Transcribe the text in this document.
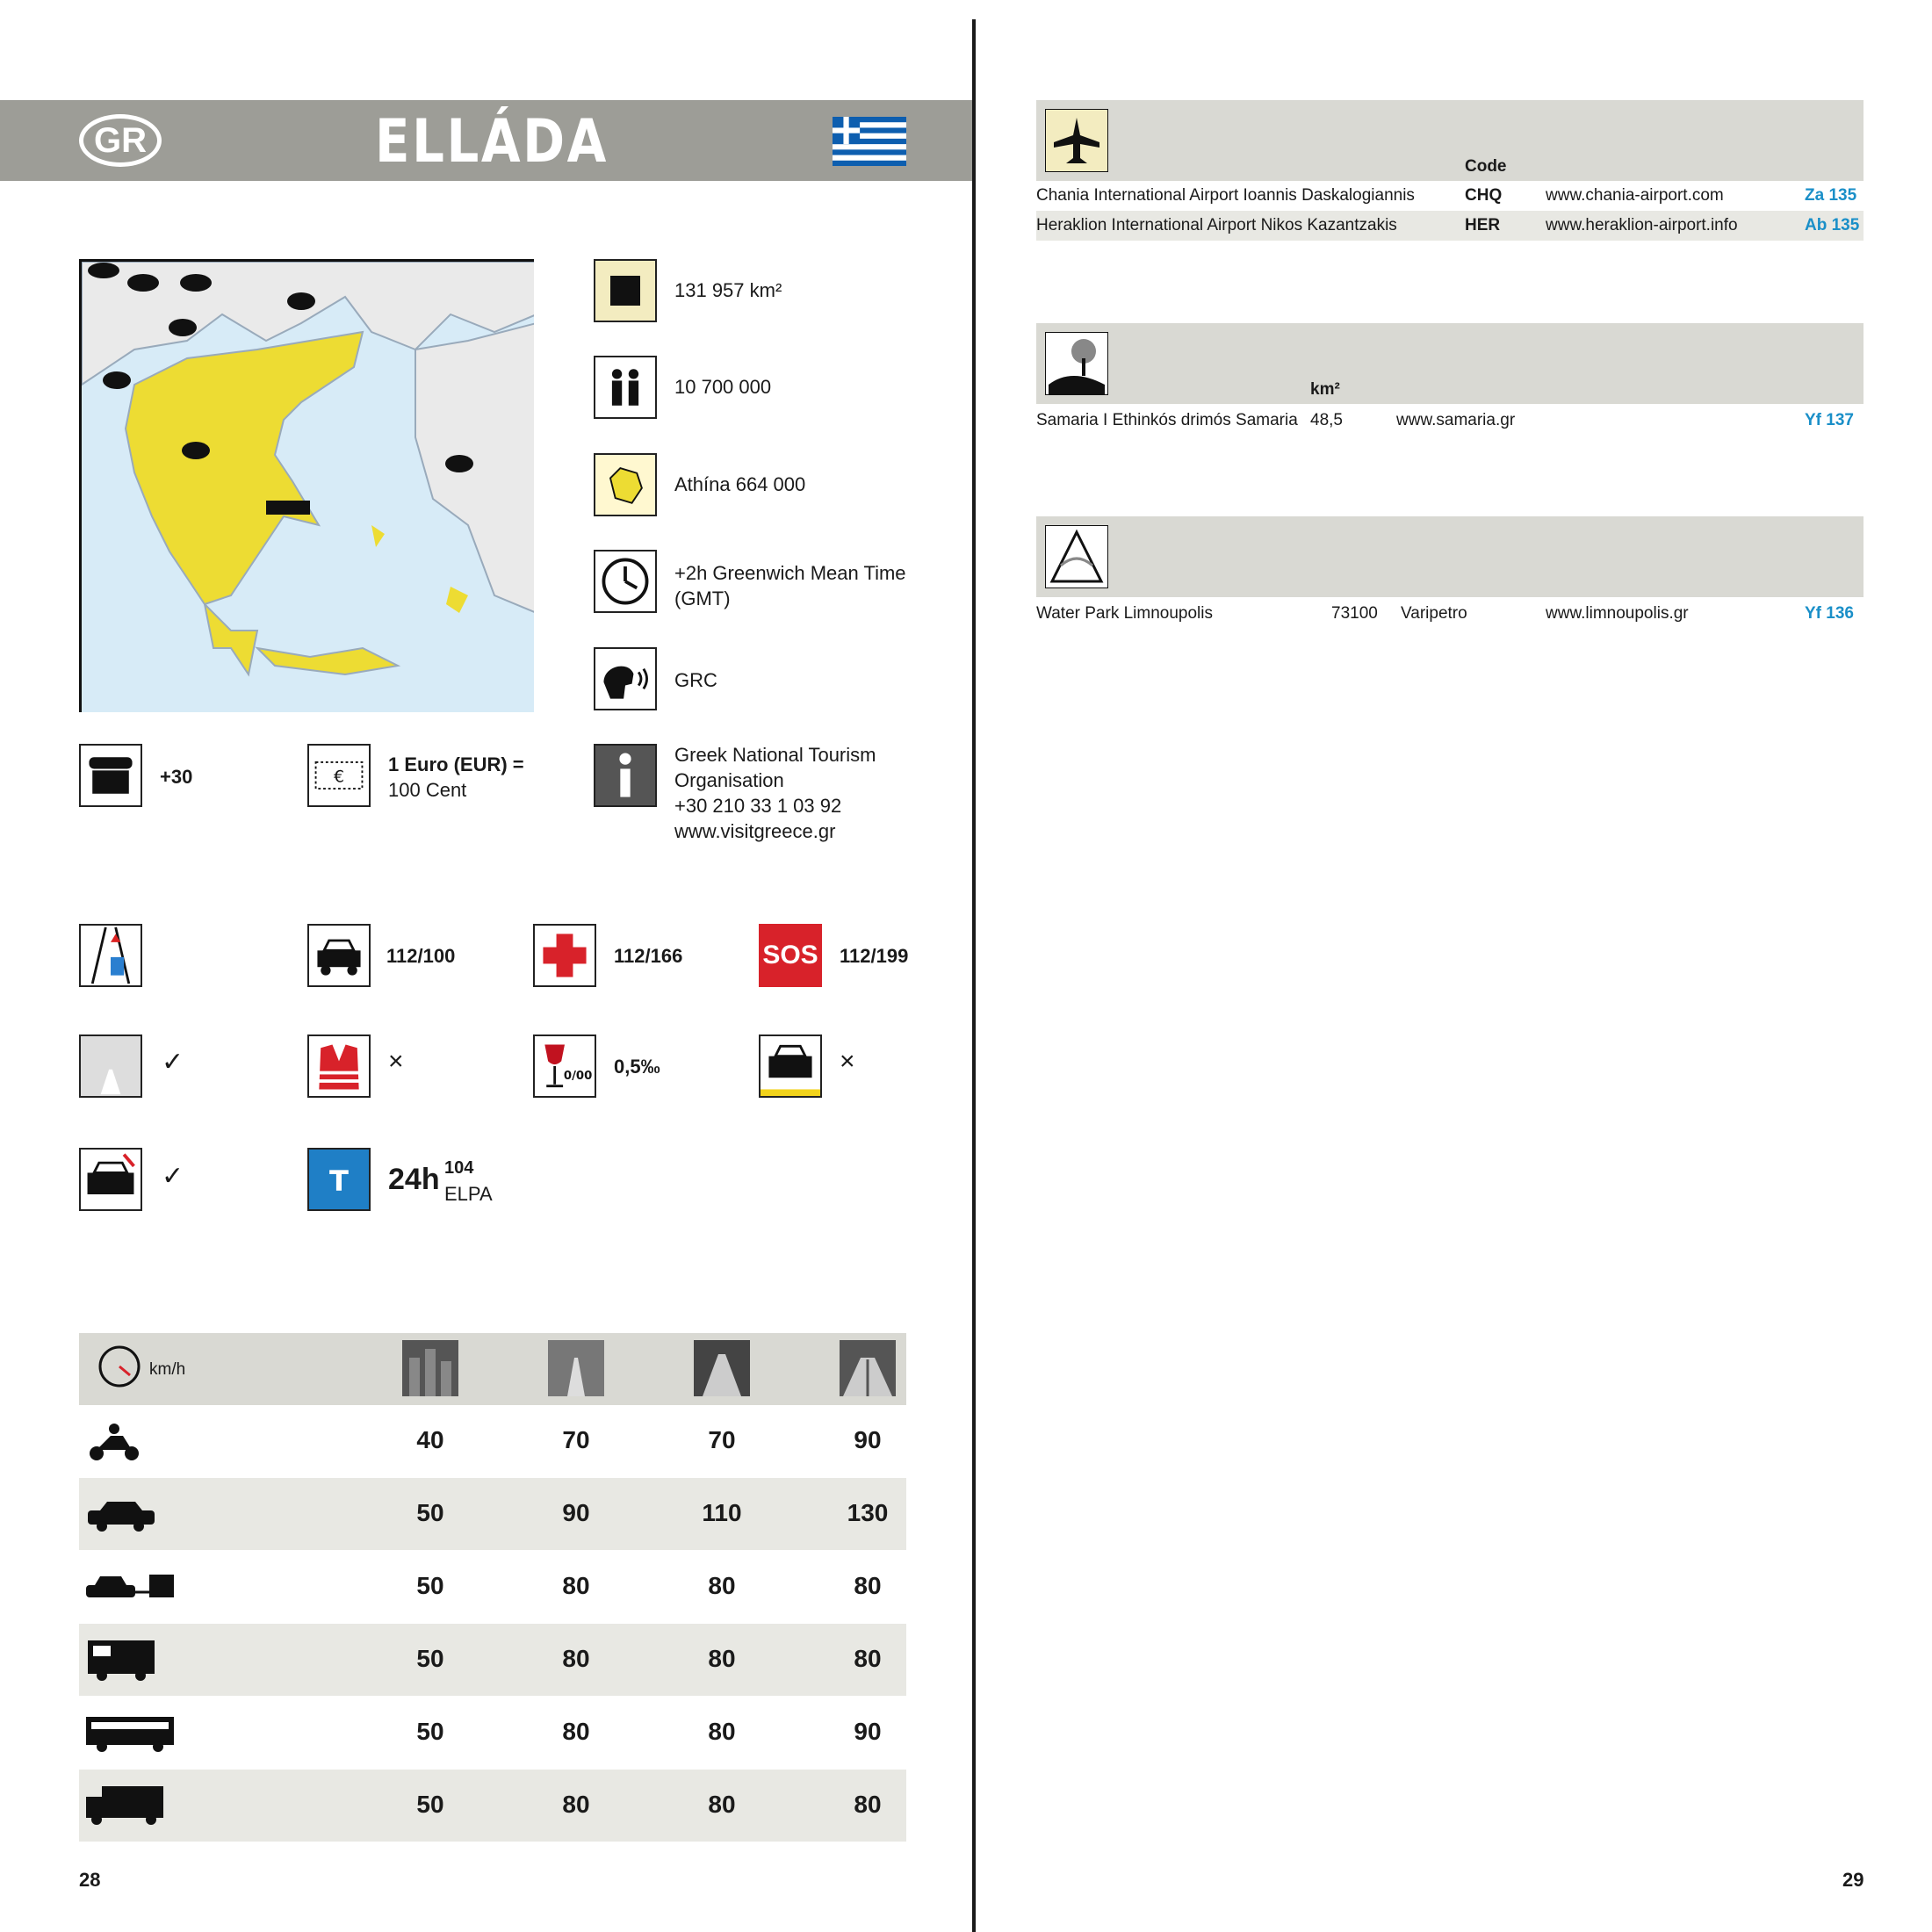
GR	ELLÁDA
131 957 km²
10 700 000
Athína 664 000
+2h Greenwich Mean Time
(GMT)
GRC
+30	€
1 Euro (EUR) =
100 Cent
Greek National Tourism
Organisation
+30 210 33 1 03 92
www.visitgreece.gr
112/100	112/166	SOS 112/199
✓	×
0/00 0,5‰	×
✓	T 24h 104
ELPA
km/h
40	70	70	90
50	90	110	130
50	80	80	80
50	80	80	80
50	80	80	90
50	80	80	80
28	29
Code
Chania International Airport Ioannis Daskalogiannis	CHQ	www.chania-airport.com	Za 135
Heraklion International Airport Nikos Kazantzakis	HER	www.heraklion-airport.info	Ab 135
km²
Samaria I Ethinkós drimós Samaria 48,5	www.samaria.gr	Yf 137
Water Park Limnoupolis	73100 Varipetro	www.limnoupolis.gr	Yf 136
